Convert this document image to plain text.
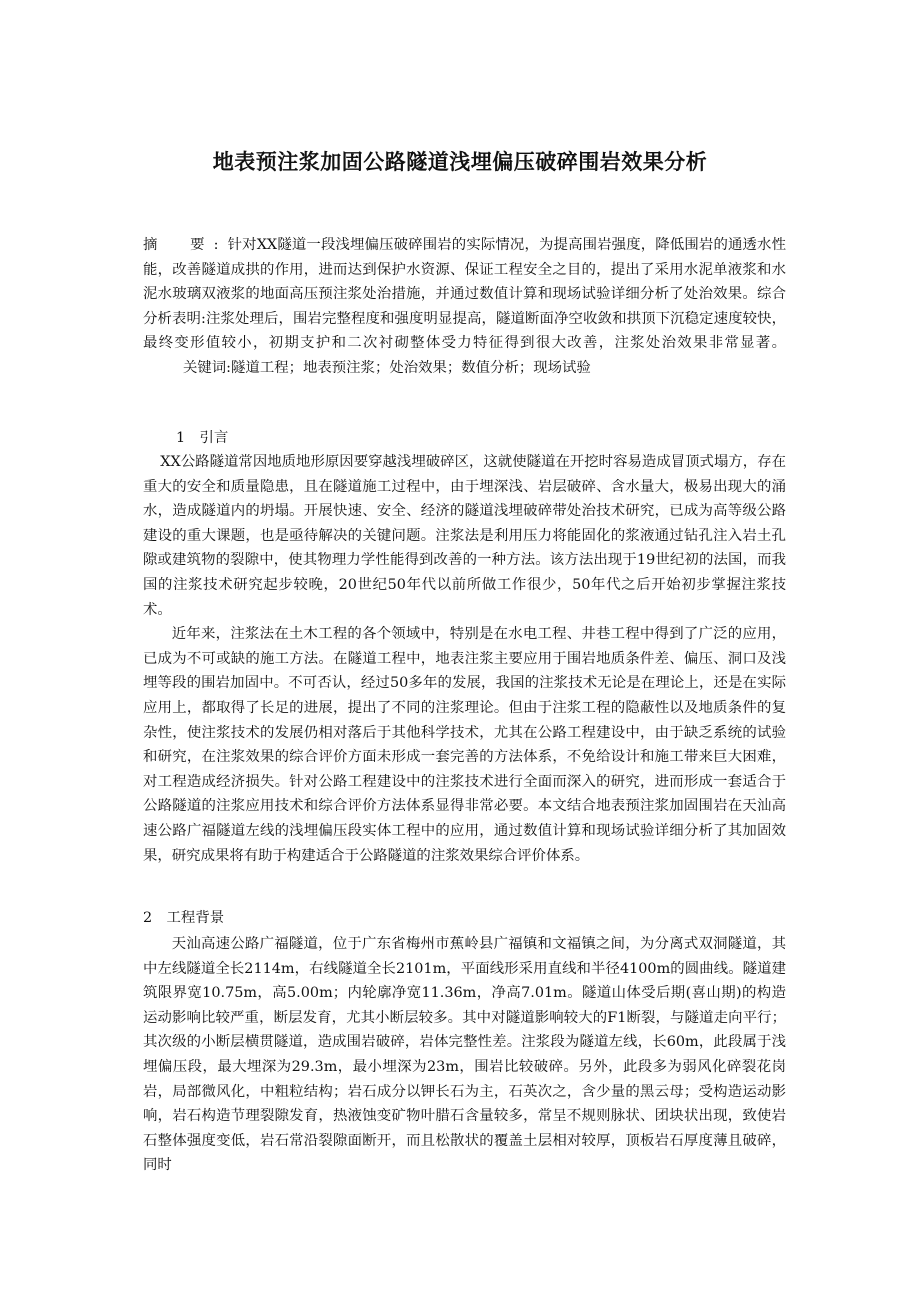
地表预注浆加固公路隧道浅埋偏压破碎围岩效果分析

摘　要:针对XX隧道一段浅埋偏压破碎围岩的实际情况，为提高围岩强度，降低围岩的通透水性能，改善隧道成拱的作用，进而达到保护水资源、保证工程安全之目的，提出了采用水泥单液浆和水泥水玻璃双液浆的地面高压预注浆处治措施，并通过数值计算和现场试验详细分析了处治效果。综合分析表明:注浆处理后，围岩完整程度和强度明显提高，隧道断面净空收敛和拱顶下沉稳定速度较快，最终变形值较小，初期支护和二次衬砌整体受力特征得到很大改善，注浆处治效果非常显著。关键词:隧道工程；地表预注浆；处治效果；数值分析；现场试验

1　引言

XX公路隧道常因地质地形原因要穿越浅埋破碎区，这就使隧道在开挖时容易造成冒顶式塌方，存在重大的安全和质量隐患，且在隧道施工过程中，由于埋深浅、岩层破碎、含水量大，极易出现大的涌水，造成隧道内的坍塌。开展快速、安全、经济的隧道浅埋破碎带处治技术研究，已成为高等级公路建设的重大课题，也是亟待解决的关键问题。注浆法是利用压力将能固化的浆液通过钻孔注入岩土孔隙或建筑物的裂隙中，使其物理力学性能得到改善的一种方法。该方法出现于19世纪初的法国，而我国的注浆技术研究起步较晚，20世纪50年代以前所做工作很少，50年代之后开始初步掌握注浆技术。

近年来，注浆法在土木工程的各个领域中，特别是在水电工程、井巷工程中得到了广泛的应用，已成为不可或缺的施工方法。在隧道工程中，地表注浆主要应用于围岩地质条件差、偏压、洞口及浅埋等段的围岩加固中。不可否认，经过50多年的发展，我国的注浆技术无论是在理论上，还是在实际应用上，都取得了长足的进展，提出了不同的注浆理论。但由于注浆工程的隐蔽性以及地质条件的复杂性，使注浆技术的发展仍相对落后于其他科学技术，尤其在公路工程建设中，由于缺乏系统的试验和研究，在注浆效果的综合评价方面未形成一套完善的方法体系，不免给设计和施工带来巨大困难，对工程造成经济损失。针对公路工程建设中的注浆技术进行全面而深入的研究，进而形成一套适合于公路隧道的注浆应用技术和综合评价方法体系显得非常必要。本文结合地表预注浆加固围岩在天汕高速公路广福隧道左线的浅埋偏压段实体工程中的应用，通过数值计算和现场试验详细分析了其加固效果，研究成果将有助于构建适合于公路隧道的注浆效果综合评价体系。

2　工程背景

天汕高速公路广福隧道，位于广东省梅州市蕉岭县广福镇和文福镇之间，为分离式双洞隧道，其中左线隧道全长2114m，右线隧道全长2101m，平面线形采用直线和半径4100m的圆曲线。隧道建筑限界宽10.75m，高5.00m；内轮廓净宽11.36m，净高7.01m。隧道山体受后期(喜山期)的构造运动影响比较严重，断层发育，尤其小断层较多。其中对隧道影响较大的F1断裂，与隧道走向平行；其次级的小断层横贯隧道，造成围岩破碎，岩体完整性差。注浆段为隧道左线，长60m，此段属于浅埋偏压段，最大埋深为29.3m，最小埋深为23m，围岩比较破碎。另外，此段多为弱风化碎裂花岗岩，局部微风化，中粗粒结构；岩石成分以钾长石为主，石英次之，含少量的黑云母；受构造运动影响，岩石构造节理裂隙发育，热液蚀变矿物叶腊石含量较多，常呈不规则脉状、团块状出现，致使岩石整体强度变低，岩石常沿裂隙面断开，而且松散状的覆盖土层相对较厚，顶板岩石厚度薄且破碎，同时
